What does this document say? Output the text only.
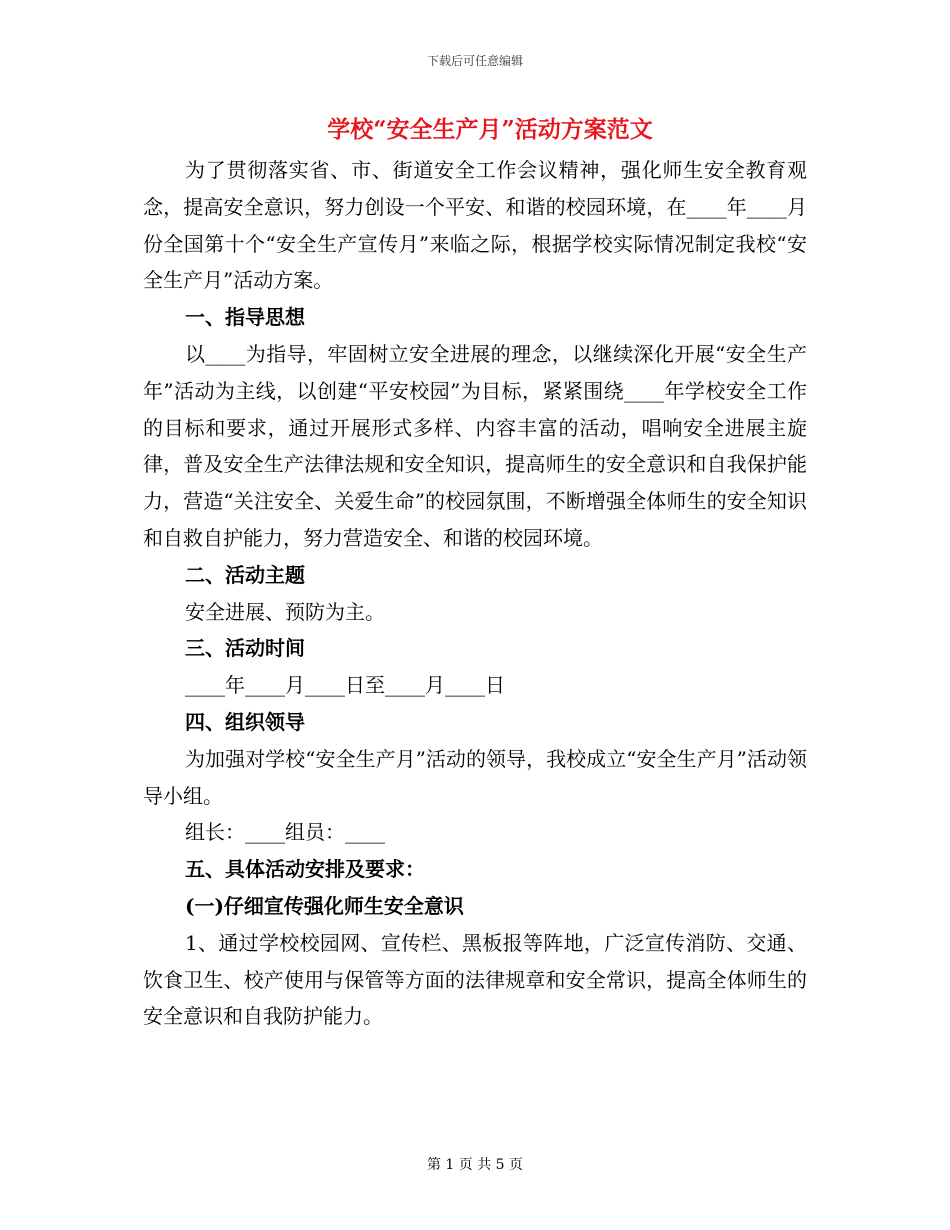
下载后可任意编辑
学校“安全生产月”活动方案范文

为了贯彻落实省、市、街道安全工作会议精神，强化师生安全教育观念，提高安全意识，努力创设一个平安、和谐的校园环境，在____年____月份全国第十个“安全生产宣传月”来临之际，根据学校实际情况制定我校“安全生产月”活动方案。

一、指导思想

以____为指导，牢固树立安全进展的理念，以继续深化开展“安全生产年”活动为主线，以创建“平安校园”为目标，紧紧围绕____年学校安全工作的目标和要求，通过开展形式多样、内容丰富的活动，唱响安全进展主旋律，普及安全生产法律法规和安全知识，提高师生的安全意识和自我保护能力，营造“关注安全、关爱生命”的校园氛围，不断增强全体师生的安全知识和自救自护能力，努力营造安全、和谐的校园环境。

二、活动主题

安全进展、预防为主。

三、活动时间

____年____月____日至____月____日

四、组织领导

为加强对学校“安全生产月”活动的领导，我校成立“安全生产月”活动领导小组。

组长：____组员：____

五、具体活动安排及要求：

(一)仔细宣传强化师生安全意识

1、通过学校校园网、宣传栏、黑板报等阵地，广泛宣传消防、交通、饮食卫生、校产使用与保管等方面的法律规章和安全常识，提高全体师生的安全意识和自我防护能力。

第 1 页 共 5 页
